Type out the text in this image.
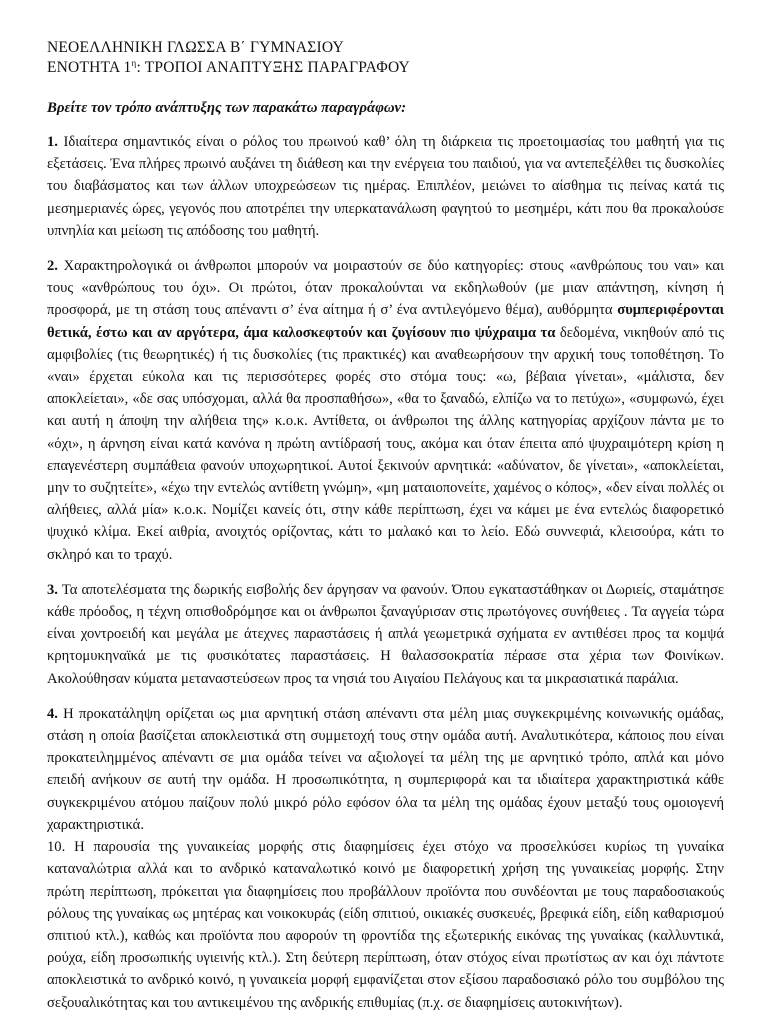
ΝΕΟΕΛΛΗΝΙΚΗ ΓΛΩΣΣΑ Β΄ ΓΥΜΝΑΣΙΟΥ
ΕΝΟΤΗΤΑ $1^\eta$: ΤΡΟΠΟΙ ΑΝΑΠΤΥΞΗΣ ΠΑΡΑΓΡΑΦΟΥ
Βρείτε τον τρόπο ανάπτυξης των παρακάτω παραγράφων:

1. Ιδιαίτερα σημαντικός είναι ο ρόλος του πρωινού καθ’ όλη τη διάρκεια τις προετοιμασίας του μαθητή για τις εξετάσεις. Ένα πλήρες πρωινό αυξάνει τη διάθεση και την ενέργεια του παιδιού, για να αντεπεξέλθει τις δυσκολίες του διαβάσματος και των άλλων υποχρεώσεων τις ημέρας. Επιπλέον, μειώνει το αίσθημα τις πείνας κατά τις μεσημεριανές ώρες, γεγονός που αποτρέπει την υπερκατανάλωση φαγητού το μεσημέρι, κάτι που θα προκαλούσε υπνηλία και μείωση τις απόδοσης του μαθητή.

2. Χαρακτηρολογικά οι άνθρωποι μπορούν να μοιραστούν σε δύο κατηγορίες: στους «ανθρώπους του ναι» και τους «ανθρώπους του όχι». Οι πρώτοι, όταν προκαλούνται να εκδηλωθούν (με μιαν απάντηση, κίνηση ή προσφορά, με τη στάση τους απέναντι σ’ ένα αίτημα ή σ’ ένα αντιλεγόμενο θέμα), αυθόρμητα συμπεριφέρονται θετικά, έστω και αν αργότερα, άμα καλοσκεφτούν και ζυγίσουν πιο ψύχραιμα τα δεδομένα, νικηθούν από τις αμφιβολίες (τις θεωρητικές) ή τις δυσκολίες (τις πρακτικές) και αναθεωρήσουν την αρχική τους τοποθέτηση. Το «ναι» έρχεται εύκολα και τις περισσότερες φορές στο στόμα τους: «ω, βέβαια γίνεται», «μάλιστα, δεν αποκλείεται», «δε σας υπόσχομαι, αλλά θα προσπαθήσω», «θα το ξαναδώ, ελπίζω να το πετύχω», «συμφωνώ, έχει και αυτή η άποψη την αλήθεια της» κ.ο.κ. Αντίθετα, οι άνθρωποι της άλλης κατηγορίας αρχίζουν πάντα με το «όχι», η άρνηση είναι κατά κανόνα η πρώτη αντίδρασή τους, ακόμα και όταν έπειτα από ψυχραιμότερη κρίση η επαγενέστερη συμπάθεια φανούν υποχωρητικοί. Αυτοί ξεκινούν αρνητικά: «αδύνατον, δε γίνεται», «αποκλείεται, μην το συζητείτε», «έχω την εντελώς αντίθετη γνώμη», «μη ματαιοπονείτε, χαμένος ο κόπος», «δεν είναι πολλές οι αλήθειες, αλλά μία» κ.ο.κ. Νομίζει κανείς ότι, στην κάθε περίπτωση, έχει να κάμει με ένα εντελώς διαφορετικό ψυχικό κλίμα. Εκεί αιθρία, ανοιχτός ορίζοντας, κάτι το μαλακό και το λείο. Εδώ συννεφιά, κλεισούρα, κάτι το σκληρό και το τραχύ.

3. Τα αποτελέσματα της δωρικής εισβολής δεν άργησαν να φανούν. Όπου εγκαταστάθηκαν οι Δωριείς, σταμάτησε κάθε πρόοδος, η τέχνη οπισθοδρόμησε και οι άνθρωποι ξαναγύρισαν στις πρωτόγονες συνήθειες . Τα αγγεία τώρα είναι χοντροειδή και μεγάλα με άτεχνες παραστάσεις ή απλά γεωμετρικά σχήματα εν αντιθέσει προς τα κομψά κρητομυκηναϊκά με τις φυσικότατες παραστάσεις. Η θαλασσοκρατία πέρασε στα χέρια των Φοινίκων. Ακολούθησαν κύματα μεταναστεύσεων προς τα νησιά του Αιγαίου Πελάγους και τα μικρασιατικά παράλια.

4. Η προκατάληψη ορίζεται ως μια αρνητική στάση απέναντι στα μέλη μιας συγκεκριμένης κοινωνικής ομάδας, στάση η οποία βασίζεται αποκλειστικά στη συμμετοχή τους στην ομάδα αυτή. Αναλυτικότερα, κάποιος που είναι προκατειλημμένος απέναντι σε μια ομάδα τείνει να αξιολογεί τα μέλη της με αρνητικό τρόπο, απλά και μόνο επειδή ανήκουν σε αυτή την ομάδα. Η προσωπικότητα, η συμπεριφορά και τα ιδιαίτερα χαρακτηριστικά κάθε συγκεκριμένου ατόμου παίζουν πολύ μικρό ρόλο εφόσον όλα τα μέλη της ομάδας έχουν μεταξύ τους ομοιογενή χαρακτηριστικά.

10. Η παρουσία της γυναικείας μορφής στις διαφημίσεις έχει στόχο να προσελκύσει κυρίως τη γυναίκα καταναλώτρια αλλά και το ανδρικό καταναλωτικό κοινό με διαφορετική χρήση της γυναικείας μορφής. Στην πρώτη περίπτωση, πρόκειται για διαφημίσεις που προβάλλουν προϊόντα που συνδέονται με τους παραδοσιακούς ρόλους της γυναίκας ως μητέρας και νοικοκυράς (είδη σπιτιού, οικιακές συσκευές, βρεφικά είδη, είδη καθαρισμού σπιτιού κτλ.), καθώς και προϊόντα που αφορούν τη φροντίδα της εξωτερικής εικόνας της γυναίκας (καλλυντικά, ρούχα, είδη προσωπικής υγιεινής κτλ.). Στη δεύτερη περίπτωση, όταν στόχος είναι πρωτίστως αν και όχι πάντοτε αποκλειστικά το ανδρικό κοινό, η γυναικεία μορφή εμφανίζεται στον εξίσου παραδοσιακό ρόλο του συμβόλου της σεξουαλικότητας και του αντικειμένου της ανδρικής επιθυμίας (π.χ. σε διαφημίσεις αυτοκινήτων).
